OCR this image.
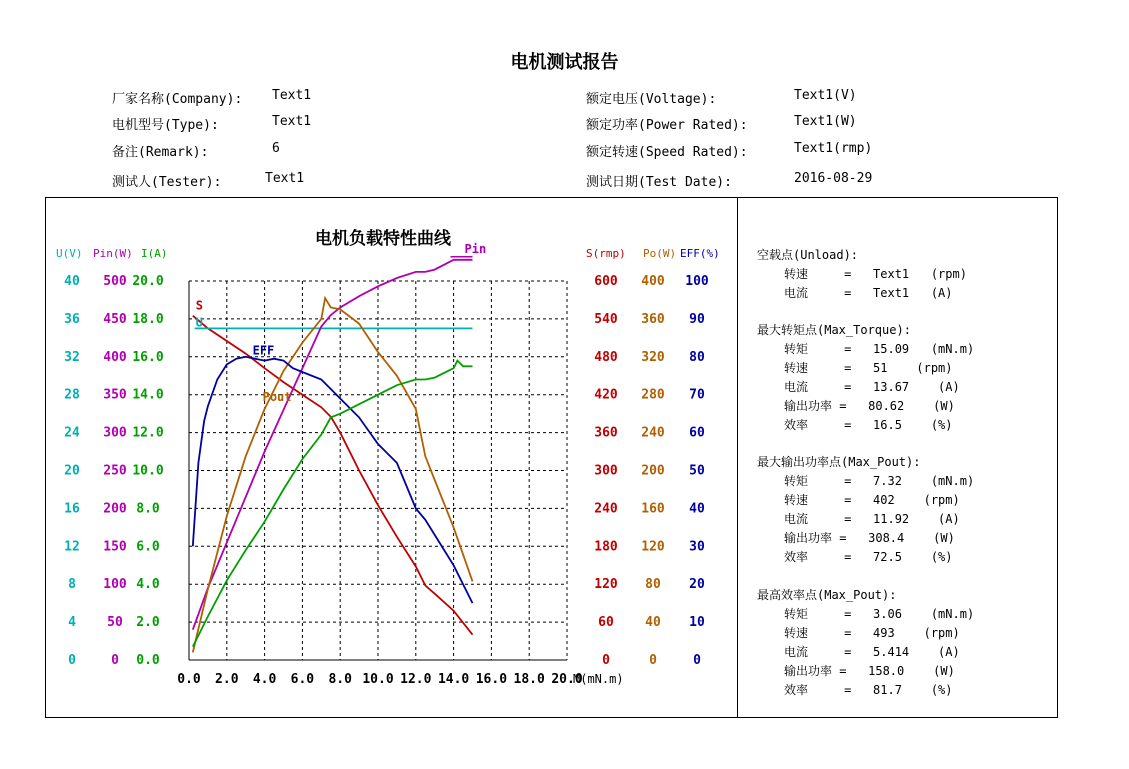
电机测试报告
厂家名称(Company): Text1
电机型号(Type):	Text1
备注(Remark):	6
测试人(Tester):	Text1
额定电压(Voltage):	Text1(V)
额定功率(Power Rated):	Text1(W)
额定转速(Speed Rated):	Text1(rmp)
测试日期(Test Date):	2016-08-29
电机负载特性曲线
0.0 2.0 4.0 6.0 8.0 10.0 12.0 14.0 16.0 18.0 20.0
M(mN.m)
U(V)
40
36
32
28
24
20
16
12
8
4
0
Pin(W)
500
450
400
350
300
250
200
150
100
50
0
I(A)
20.0
18.0
16.0
14.0
12.0
10.0
8.0
6.0
4.0
2.0
0.0
S(rmp)
600
540
480
420
360
300
240
180
120
60
0
Po(W)
400
360
320
280
240
200
160
120
80
40
0
EFF(%)
100
90
80
70
60
50
40
30
20
10
0
S
U
Pin
Pout
EFF
空载点(Unload):
转速     =   Text1   (rpm)
电流     =   Text1   (A)
最大转矩点(Max_Torque):
转矩     =   15.09   (mN.m)
转速     =   51    (rpm)
电流     =   13.67    (A)
输出功率 =   80.62    (W)
效率     =   16.5    (%)
最大输出功率点(Max_Pout):
转矩     =   7.32    (mN.m)
转速     =   402    (rpm)
电流     =   11.92    (A)
输出功率 =   308.4    (W)
效率     =   72.5    (%)
最高效率点(Max_Pout):
转矩     =   3.06    (mN.m)
转速     =   493    (rpm)
电流     =   5.414    (A)
输出功率 =   158.0    (W)
效率     =   81.7    (%)
